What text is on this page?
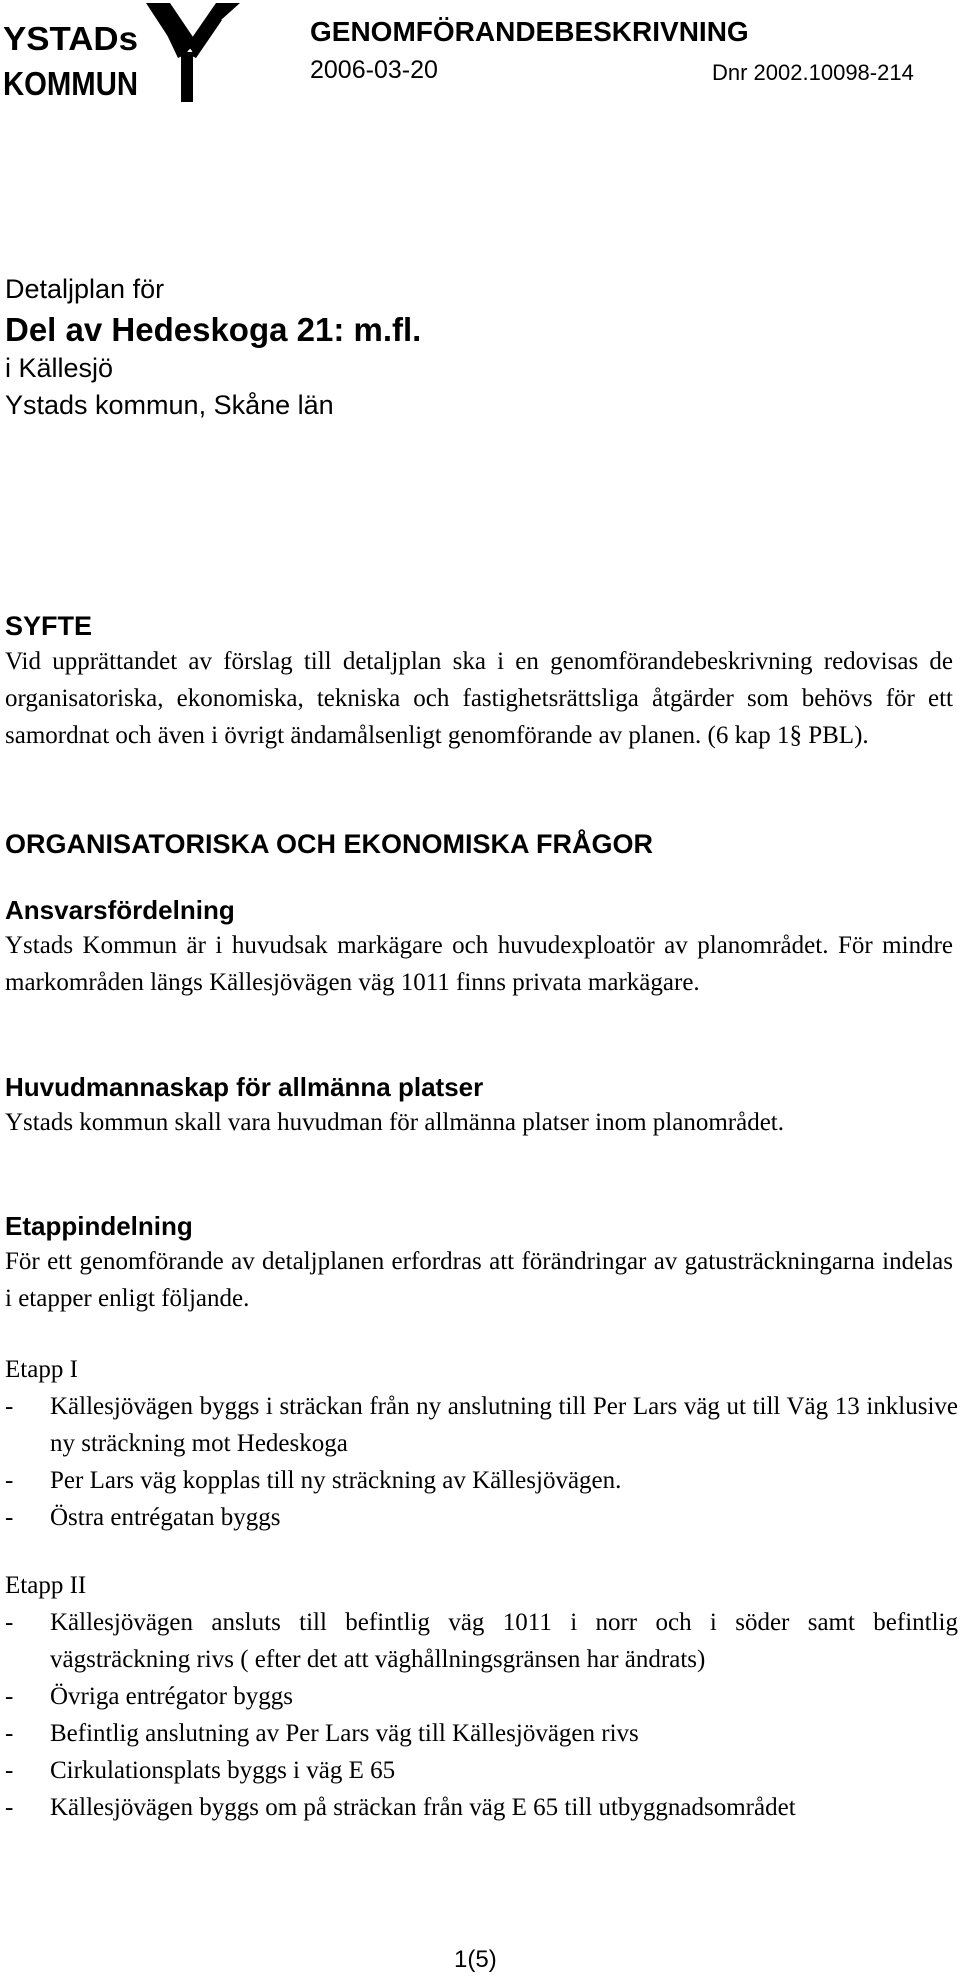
YSTADs
KOMMUN
GENOMFÖRANDEBESKRIVNING
2006-03-20	Dnr 2002.10098-214
Detaljplan för
Del av Hedeskoga 21: m.fl.
i Källesjö
Ystads kommun, Skåne län
SYFTE

Vid upprättandet av förslag till detaljplan ska i en genomförandebeskrivning redovisas de organisatoriska, ekonomiska, tekniska och fastighetsrättsliga åtgärder som behövs för ett samordnat och även i övrigt ändamålsenligt genomförande av planen. (6 kap 1§ PBL).

ORGANISATORISKA OCH EKONOMISKA FRÅGOR
Ansvarsfördelning

Ystads Kommun är i huvudsak markägare och huvudexploatör av planområdet. För mindre markområden längs Källesjövägen väg 1011 finns privata markägare.

Huvudmannaskap för allmänna platser

Ystads kommun skall vara huvudman för allmänna platser inom planområdet.

Etappindelning

För ett genomförande av detaljplanen erfordras att förändringar av gatusträckningarna indelas i etapper enligt följande.

Etapp I
- Källesjövägen byggs i sträckan från ny anslutning till Per Lars väg ut till Väg 13 inklusive ny sträckning mot Hedeskoga
- Per Lars väg kopplas till ny sträckning av Källesjövägen.
- Östra entrégatan byggs
Etapp II
- Källesjövägen ansluts till befintlig väg 1011 i norr och i söder samt befintlig vägsträckning rivs ( efter det att väghållningsgränsen har ändrats)
- Övriga entrégator byggs
- Befintlig anslutning av Per Lars väg till Källesjövägen rivs
- Cirkulationsplats byggs i väg E 65
- Källesjövägen byggs om på sträckan från väg E 65 till utbyggnadsområdet
1(5)
